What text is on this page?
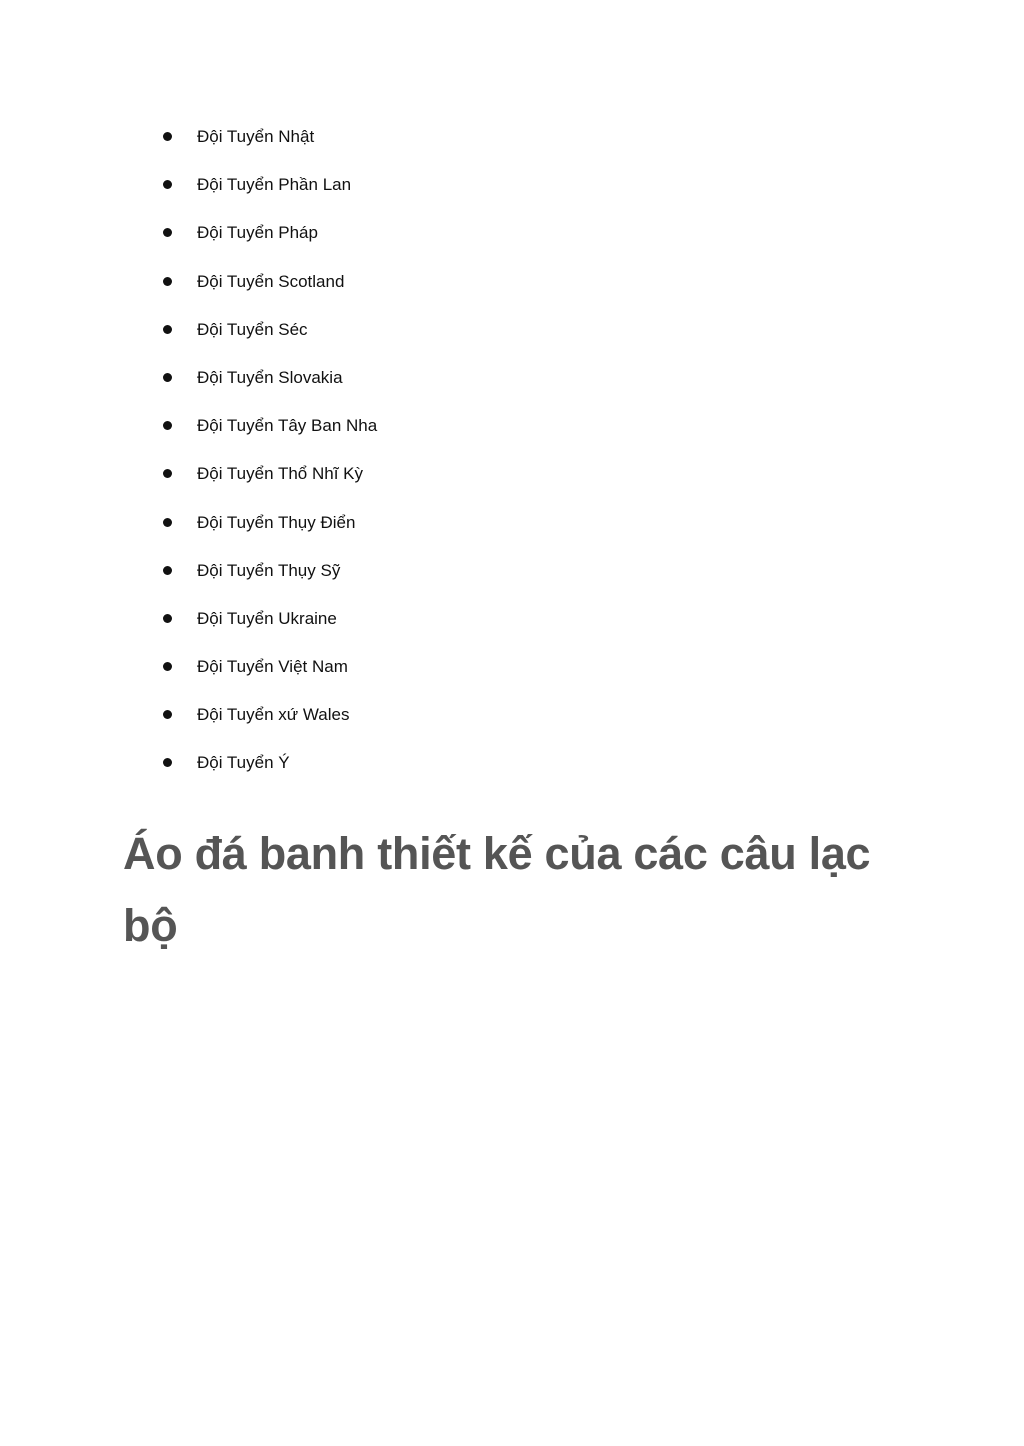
Đội Tuyển Nhật
Đội Tuyển Phần Lan
Đội Tuyển Pháp
Đội Tuyển Scotland
Đội Tuyển Séc
Đội Tuyển Slovakia
Đội Tuyển Tây Ban Nha
Đội Tuyển Thổ Nhĩ Kỳ
Đội Tuyển Thụy Điển
Đội Tuyển Thụy Sỹ
Đội Tuyển Ukraine
Đội Tuyển Việt Nam
Đội Tuyển xứ Wales
Đội Tuyển Ý
Áo đá banh thiết kế của các câu lạc bộ
